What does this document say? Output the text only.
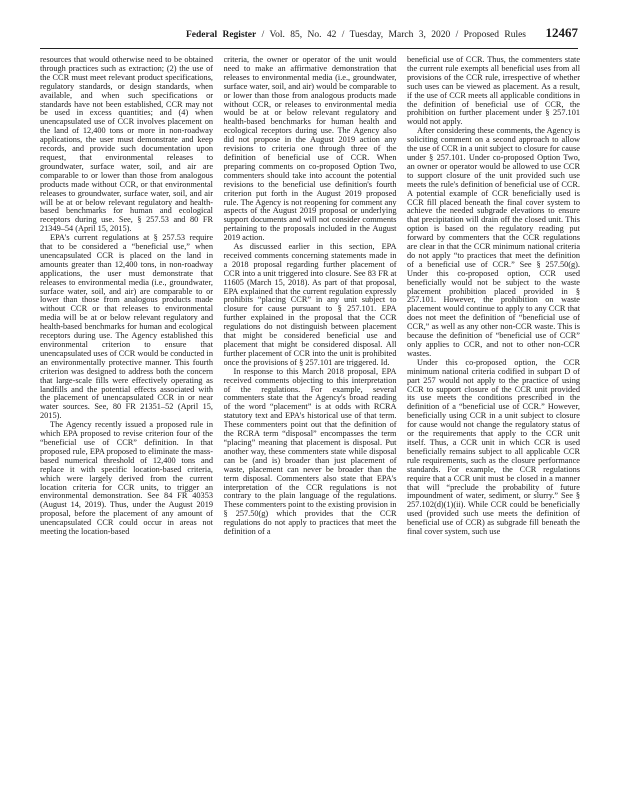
Federal Register / Vol. 85, No. 42 / Tuesday, March 3, 2020 / Proposed Rules 12467

resources that would otherwise need to be obtained through practices such as extraction; (2) the use of the CCR must meet relevant product specifications, regulatory standards, or design standards, when available, and when such specifications or standards have not been established, CCR may not be used in excess quantities; and (4) when unencapsulated use of CCR involves placement on the land of 12,400 tons or more in non-roadway applications, the user must demonstrate and keep records, and provide such documentation upon request, that environmental releases to groundwater, surface water, soil, and air are comparable to or lower than those from analogous products made without CCR, or that environmental releases to groundwater, surface water, soil, and air will be at or below relevant regulatory and health-based benchmarks for human and ecological receptors during use. See, § 257.53 and 80 FR 21349–54 (April 15, 2015).

EPA's current regulations at § 257.53 require that to be considered a “beneficial use,” when unencapsulated CCR is placed on the land in amounts greater than 12,400 tons, in non-roadway applications, the user must demonstrate that releases to environmental media (i.e., groundwater, surface water, soil, and air) are comparable to or lower than those from analogous products made without CCR or that releases to environmental media will be at or below relevant regulatory and health-based benchmarks for human and ecological receptors during use. The Agency established this environmental criterion to ensure that unencapsulated uses of CCR would be conducted in an environmentally protective manner. This fourth criterion was designed to address both the concern that large-scale fills were effectively operating as landfills and the potential effects associated with the placement of unencapsulated CCR in or near water sources. See, 80 FR 21351–52 (April 15, 2015).

The Agency recently issued a proposed rule in which EPA proposed to revise criterion four of the “beneficial use of CCR” definition. In that proposed rule, EPA proposed to eliminate the mass-based numerical threshold of 12,400 tons and replace it with specific location-based criteria, which were largely derived from the current location criteria for CCR units, to trigger an environmental demonstration. See 84 FR 40353 (August 14, 2019). Thus, under the August 2019 proposal, before the placement of any amount of unencapsulated CCR could occur in areas not meeting the location-based

criteria, the owner or operator of the unit would need to make an affirmative demonstration that releases to environmental media (i.e., groundwater, surface water, soil, and air) would be comparable to or lower than those from analogous products made without CCR, or releases to environmental media would be at or below relevant regulatory and health-based benchmarks for human health and ecological receptors during use. The Agency also did not propose in the August 2019 action any revisions to criteria one through three of the definition of beneficial use of CCR. When preparing comments on co-proposed Option Two, commenters should take into account the potential revisions to the beneficial use definition's fourth criterion put forth in the August 2019 proposed rule. The Agency is not reopening for comment any aspects of the August 2019 proposal or underlying support documents and will not consider comments pertaining to the proposals included in the August 2019 action.

As discussed earlier in this section, EPA received comments concerning statements made in a 2018 proposal regarding further placement of CCR into a unit triggered into closure. See 83 FR at 11605 (March 15, 2018). As part of that proposal, EPA explained that the current regulation expressly prohibits “placing CCR” in any unit subject to closure for cause pursuant to § 257.101. EPA further explained in the proposal that the CCR regulations do not distinguish between placement that might be considered beneficial use and placement that might be considered disposal. All further placement of CCR into the unit is prohibited once the provisions of § 257.101 are triggered. Id.

In response to this March 2018 proposal, EPA received comments objecting to this interpretation of the regulations. For example, several commenters state that the Agency's broad reading of the word “placement” is at odds with RCRA statutory text and EPA's historical use of that term. These commenters point out that the definition of the RCRA term “disposal” encompasses the term “placing” meaning that placement is disposal. Put another way, these commenters state while disposal can be (and is) broader than just placement of waste, placement can never be broader than the term disposal. Commenters also state that EPA's interpretation of the CCR regulations is not contrary to the plain language of the regulations. These commenters point to the existing provision in § 257.50(g) which provides that the CCR regulations do not apply to practices that meet the definition of a

beneficial use of CCR. Thus, the commenters state the current rule exempts all beneficial uses from all provisions of the CCR rule, irrespective of whether such uses can be viewed as placement. As a result, if the use of CCR meets all applicable conditions in the definition of beneficial use of CCR, the prohibition on further placement under § 257.101 would not apply.

After considering these comments, the Agency is soliciting comment on a second approach to allow the use of CCR in a unit subject to closure for cause under § 257.101. Under co-proposed Option Two, an owner or operator would be allowed to use CCR to support closure of the unit provided such use meets the rule's definition of beneficial use of CCR. A potential example of CCR beneficially used is CCR fill placed beneath the final cover system to achieve the needed subgrade elevations to ensure that precipitation will drain off the closed unit. This option is based on the regulatory reading put forward by commenters that the CCR regulations are clear in that the CCR minimum national criteria do not apply “to practices that meet the definition of a beneficial use of CCR.” See § 257.50(g). Under this co-proposed option, CCR used beneficially would not be subject to the waste placement prohibition placed provided in § 257.101. However, the prohibition on waste placement would continue to apply to any CCR that does not meet the definition of “beneficial use of CCR,” as well as any other non-CCR waste. This is because the definition of “beneficial use of CCR” only applies to CCR, and not to other non-CCR wastes.

Under this co-proposed option, the CCR minimum national criteria codified in subpart D of part 257 would not apply to the practice of using CCR to support closure of the CCR unit provided its use meets the conditions prescribed in the definition of a “beneficial use of CCR.” However, beneficially using CCR in a unit subject to closure for cause would not change the regulatory status of or the requirements that apply to the CCR unit itself. Thus, a CCR unit in which CCR is used beneficially remains subject to all applicable CCR rule requirements, such as the closure performance standards. For example, the CCR regulations require that a CCR unit must be closed in a manner that will “preclude the probability of future impoundment of water, sediment, or slurry.” See § 257.102(d)(1)(ii). While CCR could be beneficially used (provided such use meets the definition of beneficial use of CCR) as subgrade fill beneath the final cover system, such use
